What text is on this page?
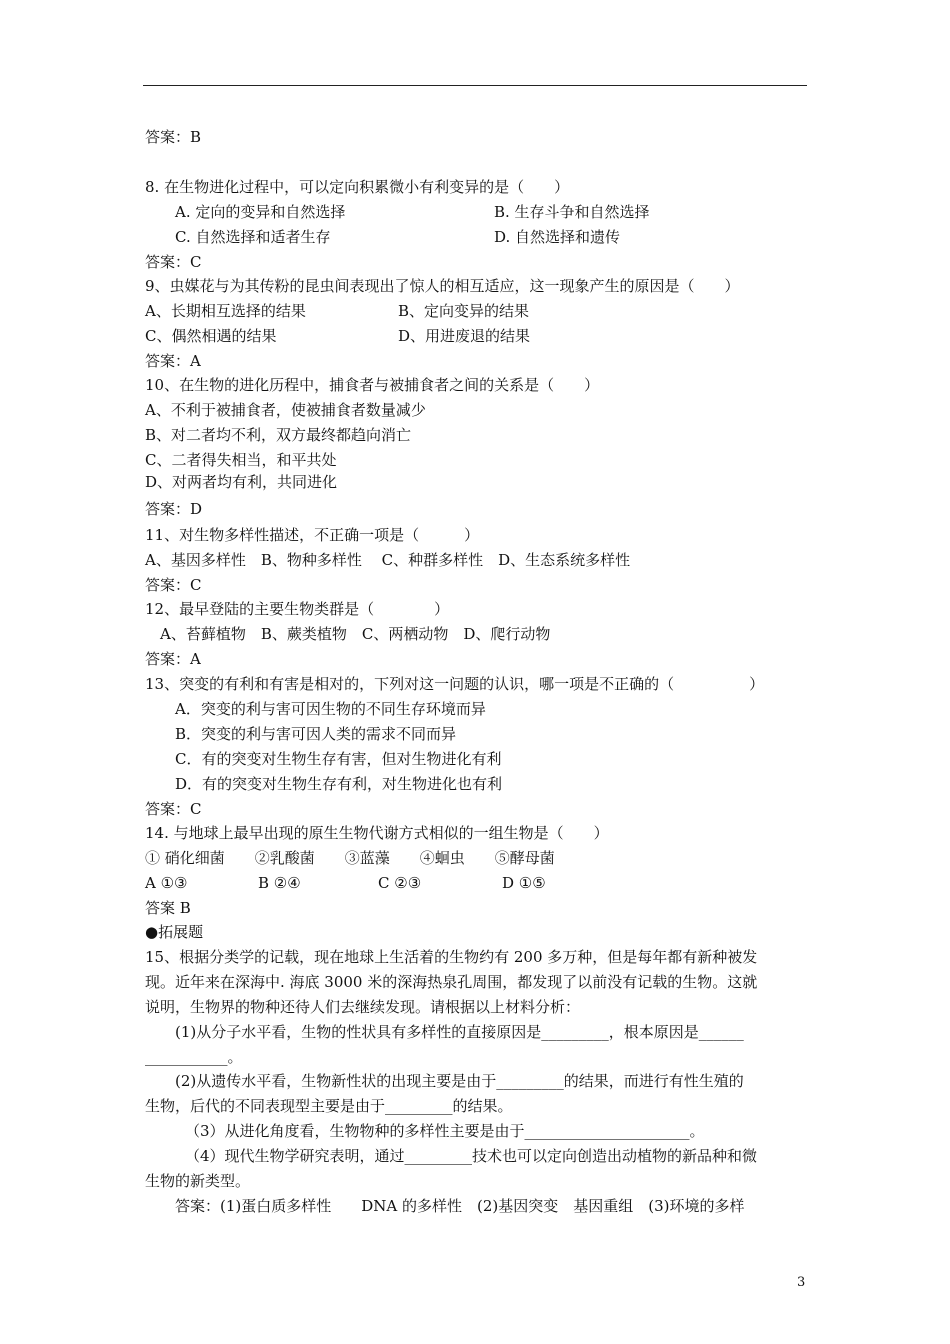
答案：B
8. 在生物进化过程中，可以定向积累微小有利变异的是（　　）
A. 定向的变异和自然选择	B. 生存斗争和自然选择
C. 自然选择和适者生存	D. 自然选择和遗传
答案：C
9、虫媒花与为其传粉的昆虫间表现出了惊人的相互适应，这一现象产生的原因是（　　）
A、长期相互选择的结果	B、定向变异的结果
C、偶然相遇的结果	D、用进废退的结果
答案：A
10、在生物的进化历程中，捕食者与被捕食者之间的关系是（　　）
A、不利于被捕食者，使被捕食者数量减少
B、对二者均不利，双方最终都趋向消亡
C、二者得失相当，和平共处
D、对两者均有利，共同进化
答案：D
11、对生物多样性描述，不正确一项是（　　　）
A、基因多样性　B、物种多样性　 C、种群多样性　D、生态系统多样性
答案：C
12、最早登陆的主要生物类群是（　　　　）
A、苔藓植物　B、蕨类植物　C、两栖动物　D、爬行动物
答案：A
13、突变的有利和有害是相对的，下列对这一问题的认识，哪一项是不正确的（　　　　　）
A．突变的利与害可因生物的不同生存环境而异
B．突变的利与害可因人类的需求不同而异
C．有的突变对生物生存有害，但对生物进化有利
D．有的突变对生物生存有利，对生物进化也有利
答案：C
14. 与地球上最早出现的原生生物代谢方式相似的一组生物是（　　）
① 硝化细菌　　②乳酸菌　　③蓝藻　　④蛔虫　　⑤酵母菌
A ①③	B ②④	C ②③	D ①⑤
答案 B
●拓展题
15、根据分类学的记载，现在地球上生活着的生物约有 200 多万种，但是每年都有新种被发
现。近年来在深海中. 海底 3000 米的深海热泉孔周围，都发现了以前没有记载的生物。这就
说明，生物界的物种还待人们去继续发现。请根据以上材料分析：
(1)从分子水平看，生物的性状具有多样性的直接原因是_________，根本原因是______
___________。
(2)从遗传水平看，生物新性状的出现主要是由于_________的结果，而进行有性生殖的
生物，后代的不同表现型主要是由于_________的结果。
（3）从进化角度看，生物物种的多样性主要是由于______________________。
（4）现代生物学研究表明，通过_________技术也可以定向创造出动植物的新品种和微
生物的新类型。
答案：(1)蛋白质多样性　　DNA 的多样性　(2)基因突变　基因重组　(3)环境的多样
3
